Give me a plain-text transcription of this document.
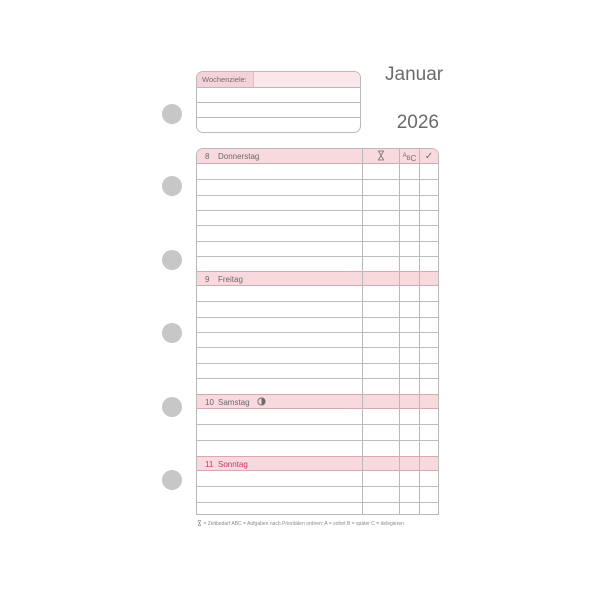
Wochenziele:	Januar
2026
8 Donnerstag
9 Freitag
10 Samstag
11 Sonntag
ABC ✓
= Zeitbedarf ABC = Aufgaben nach Prioritäten ordnen: A = sofort B = später C = delegieren
